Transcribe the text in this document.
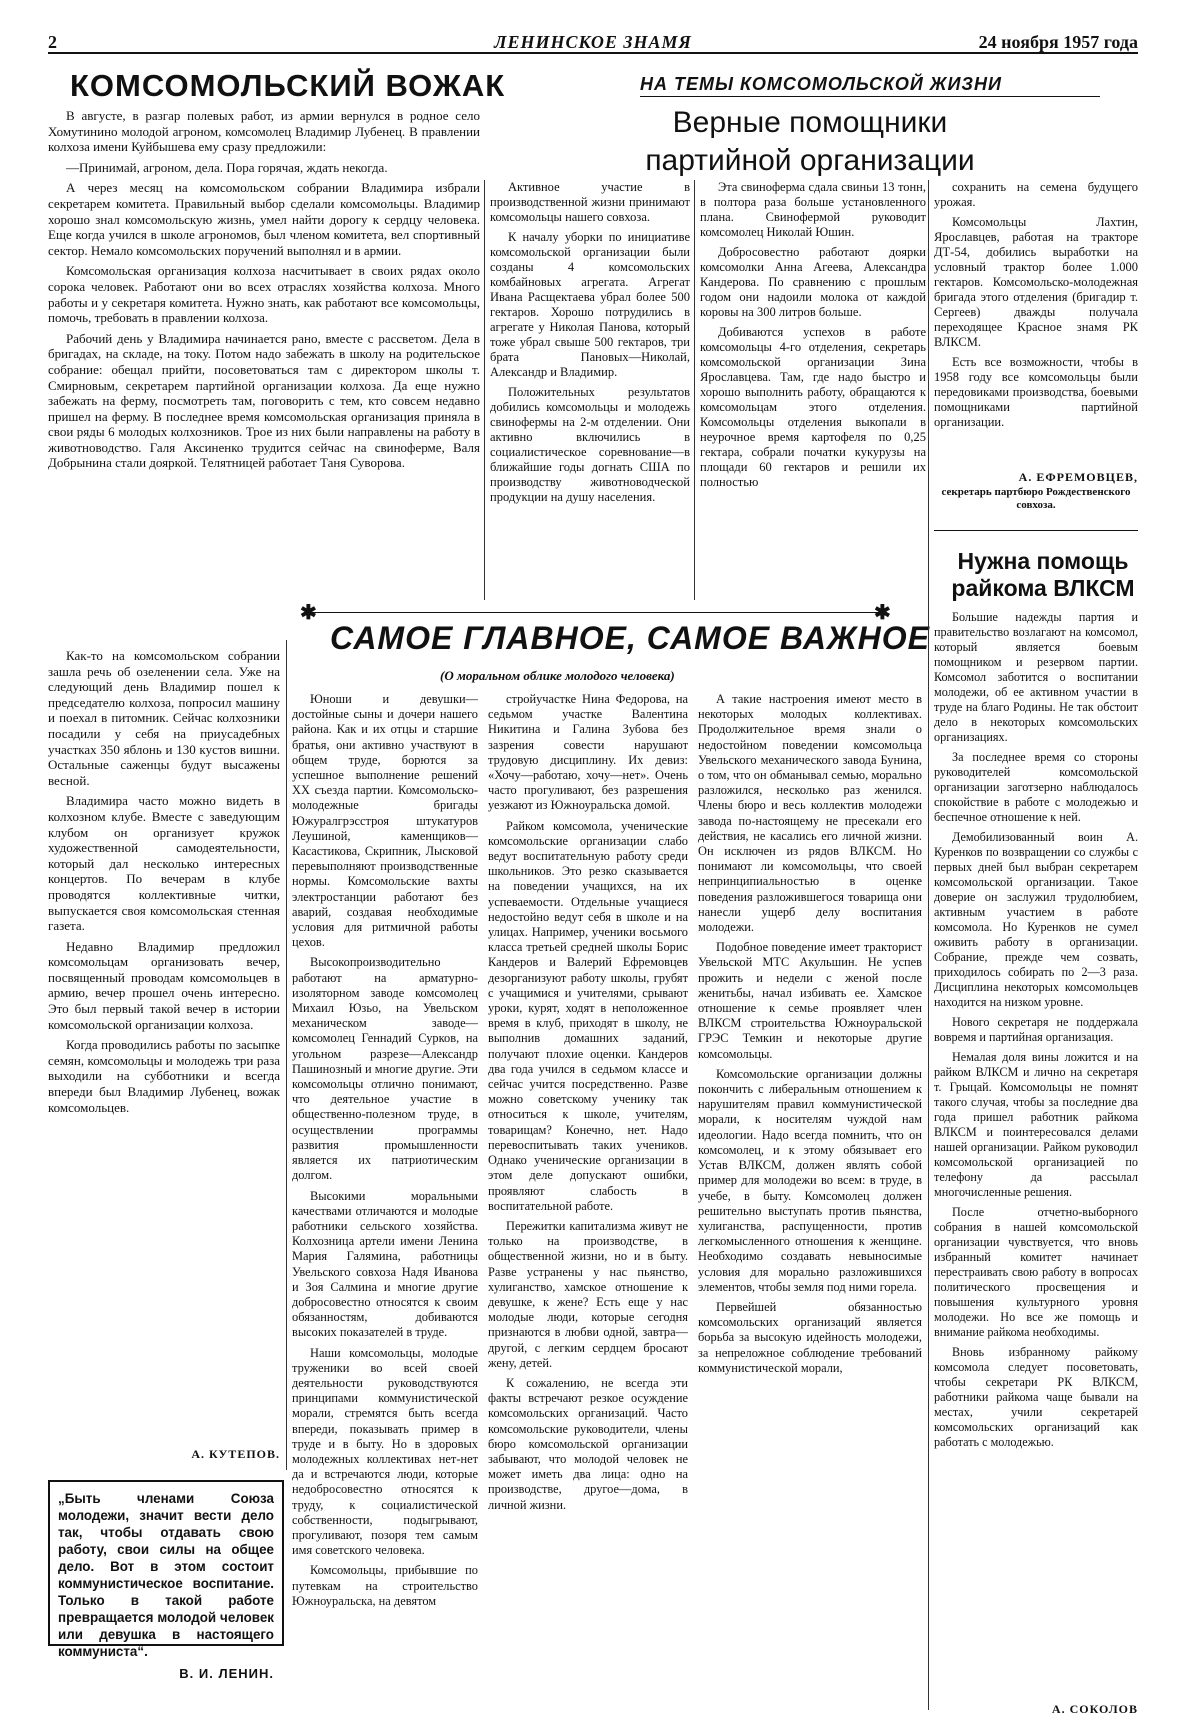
2	ЛЕНИНСКОЕ ЗНАМЯ	24 ноября 1957 года
КОМСОМОЛЬСКИЙ ВОЖАК

В августе, в разгар полевых работ, из армии вернулся в родное село Хомутинино молодой агроном, комсомолец Владимир Лубенец. В правлении колхоза имени Куйбышева ему сразу предложили:

—Принимай, агроном, дела. Пора горячая, ждать некогда.

А через месяц на комсомольском собрании Владимира избрали секретарем комитета. Правильный выбор сделали комсомольцы. Владимир хорошо знал комсомольскую жизнь, умел найти дорогу к сердцу человека. Еще когда учился в школе агрономов, был членом комитета, вел спортивный сектор. Немало комсомольских поручений выполнял и в армии.

Комсомольская организация колхоза насчитывает в своих рядах около сорока человек. Работают они во всех отраслях хозяйства колхоза. Много работы и у секретаря комитета. Нужно знать, как работают все комсомольцы, помочь, требовать в правлении колхоза.

Рабочий день у Владимира начинается рано, вместе с рассветом. Дела в бригадах, на складе, на току. Потом надо забежать в школу на родительское собрание: обещал прийти, посоветоваться там с директором школы т. Смирновым, секретарем партийной организации колхоза. Да еще нужно забежать на ферму, посмотреть там, поговорить с тем, кто совсем недавно пришел на ферму. В последнее время комсомольская организация приняла в свои ряды 6 молодых колхозников. Трое из них были направлены на работу в животноводство. Галя Аксиненко трудится сейчас на свиноферме, Валя Добрынина стали дояркой. Телятницей работает Таня Суворова.

Как-то на комсомольском собрании зашла речь об озеленении села. Уже на следующий день Владимир пошел к председателю колхоза, попросил машину и поехал в питомник. Сейчас колхозники посадили у себя на приусадебных участках 350 яблонь и 130 кустов вишни. Остальные саженцы будут высажены весной.

Владимира часто можно видеть в колхозном клубе. Вместе с заведующим клубом он организует кружок художественной самодеятельности, который дал несколько интересных концертов. По вечерам в клубе проводятся коллективные читки, выпускается своя комсомольская стенная газета.

Недавно Владимир предложил комсомольцам организовать вечер, посвященный проводам комсомольцев в армию, вечер прошел очень интересно. Это был первый такой вечер в истории комсомольской организации колхоза.

Когда проводились работы по засыпке семян, комсомольцы и молодежь три раза выходили на субботники и всегда впереди был Владимир Лубенец, вожак комсомольцев.

А. КУТЕПОВ.

„Быть членами Союза молодежи, значит вести дело так, чтобы отдавать свою работу, свои силы на общее дело. Вот в этом состоит коммунистическое воспитание. Только в такой работе превращается молодой человек или девушка в настоящего коммуниста“.

В. И. ЛЕНИН.
НА ТЕМЫ КОМСОМОЛЬСКОЙ ЖИЗНИ
Верные помощники
партийной организации

Активное участие в производственной жизни принимают комсомольцы нашего совхоза.

К началу уборки по инициативе комсомольской организации были созданы 4 комсомольских комбайновых агрегата. Агрегат Ивана Расщектаева убрал более 500 гектаров. Хорошо потрудились в агрегате у Николая Панова, который тоже убрал свыше 500 гектаров, три брата Пановых—Николай, Александр и Владимир.

Положительных результатов добились комсомольцы и молодежь свинофермы на 2-м отделении. Они активно включились в социалистическое соревнование—в ближайшие годы догнать США по производству животноводческой продукции на душу населения.

Эта свиноферма сдала свиньи 13 тонн, в полтора раза больше установленного плана. Свинофермой руководит комсомолец Николай Юшин.

Добросовестно работают доярки комсомолки Анна Агеева, Александра Кандерова. По сравнению с прошлым годом они надоили молока от каждой коровы на 300 литров больше.

Добиваются успехов в работе комсомольцы 4-го отделения, секретарь комсомольской организации Зина Ярославцева. Там, где надо быстро и хорошо выполнить работу, обращаются к комсомольцам этого отделения. Комсомольцы отделения выкопали в неурочное время картофеля по 0,25 гектара, собрали початки кукурузы на площади 60 гектаров и решили их полностью

сохранить на семена будущего урожая.

Комсомольцы Лахтин, Ярославцев, работая на тракторе ДТ-54, добились выработки на условный трактор более 1.000 гектаров. Комсомольско-молодежная бригада этого отделения (бригадир т. Сергеев) дважды получала переходящее Красное знамя РК ВЛКСМ.

Есть все возможности, чтобы в 1958 году все комсомольцы были передовиками производства, боевыми помощниками партийной организации.

А. ЕФРЕМОВЦЕВ,
секретарь партбюро Рождественского совхоза.
✱	✱
САМОЕ ГЛАВНОЕ, САМОЕ ВАЖНОЕ
(О моральном облике молодого человека)

Юноши и девушки—достойные сыны и дочери нашего района. Как и их отцы и старшие братья, они активно участвуют в общем труде, борются за успешное выполнение решений XX съезда партии. Комсомольско-молодежные бригады Южуралгрэсстроя штукатуров Леушиной, каменщиков—Касастикова, Скрипник, Лысковой перевыполняют производственные нормы. Комсомольские вахты электростанции работают без аварий, создавая необходимые условия для ритмичной работы цехов.

Высокопроизводительно работают на арматурно-изоляторном заводе комсомолец Михаил Юзьо, на Увельском механическом заводе—комсомолец Геннадий Сурков, на угольном разрезе—Александр Пашинозный и многие другие. Эти комсомольцы отлично понимают, что деятельное участие в общественно-полезном труде, в осуществлении программы развития промышленности является их патриотическим долгом.

Высокими моральными качествами отличаются и молодые работники сельского хозяйства. Колхозница артели имени Ленина Мария Галямина, работницы Увельского совхоза Надя Иванова и Зоя Салмина и многие другие добросовестно относятся к своим обязанностям, добиваются высоких показателей в труде.

Наши комсомольцы, молодые труженики во всей своей деятельности руководствуются принципами коммунистической морали, стремятся быть всегда впереди, показывать пример в труде и в быту. Но в здоровых молодежных коллективах нет-нет да и встречаются люди, которые недобросовестно относятся к труду, к социалистической собственности, подыгрывают, прогуливают, позоря тем самым имя советского человека.

Комсомольцы, прибывшие по путевкам на строительство Южноуральска, на девятом

стройучастке Нина Федорова, на седьмом участке Валентина Никитина и Галина Зубова без зазрения совести нарушают трудовую дисциплину. Их девиз: «Хочу—работаю, хочу—нет». Очень часто прогуливают, без разрешения уезжают из Южноуральска домой.

Райком комсомола, ученические комсомольские организации слабо ведут воспитательную работу среди школьников. Это резко сказывается на поведении учащихся, на их успеваемости. Отдельные учащиеся недостойно ведут себя в школе и на улицах. Например, ученики восьмого класса третьей средней школы Борис Кандеров и Валерий Ефремовцев дезорганизуют работу школы, грубят с учащимися и учителями, срывают уроки, курят, ходят в неположенное время в клуб, приходят в школу, не выполнив домашних заданий, получают плохие оценки. Кандеров два года учился в седьмом классе и сейчас учится посредственно. Разве можно советскому ученику так относиться к школе, учителям, товарищам? Конечно, нет. Надо перевоспитывать таких учеников. Однако ученические организации в этом деле допускают ошибки, проявляют слабость в воспитательной работе.

Пережитки капитализма живут не только на производстве, в общественной жизни, но и в быту. Разве устранены у нас пьянство, хулиганство, хамское отношение к девушке, к жене? Есть еще у нас молодые люди, которые сегодня признаются в любви одной, завтра—другой, с легким сердцем бросают жену, детей.

К сожалению, не всегда эти факты встречают резкое осуждение комсомольских организаций. Часто комсомольские руководители, члены бюро комсомольской организации забывают, что молодой человек не может иметь два лица: одно на производстве, другое—дома, в личной жизни.

А такие настроения имеют место в некоторых молодых коллективах. Продолжительное время знали о недостойном поведении комсомольца Увельского механического завода Бунина, о том, что он обманывал семью, морально разложился, несколько раз женился. Члены бюро и весь коллектив молодежи завода по-настоящему не пресекали его действия, не касались его личной жизни. Он исключен из рядов ВЛКСМ. Но понимают ли комсомольцы, что своей непринципиальностью в оценке поведения разложившегося товарища они нанесли ущерб делу воспитания молодежи.

Подобное поведение имеет тракторист Увельской МТС Акульшин. Не успев прожить и недели с женой после женитьбы, начал избивать ее. Хамское отношение к семье проявляет член ВЛКСМ строительства Южноуральской ГРЭС Темкин и некоторые другие комсомольцы.

Комсомольские организации должны покончить с либеральным отношением к нарушителям правил коммунистической морали, к носителям чуждой нам идеологии. Надо всегда помнить, что он комсомолец, и к этому обязывает его Устав ВЛКСМ, должен являть собой пример для молодежи во всем: в труде, в учебе, в быту. Комсомолец должен решительно выступать против пьянства, хулиганства, распущенности, против легкомысленного отношения к женщине. Необходимо создавать невыносимые условия для морально разложившихся элементов, чтобы земля под ними горела.

Первейшей обязанностью комсомольских организаций является борьба за высокую идейность молодежи, за непреложное соблюдение требований коммунистической морали,

Нужна помощь
райкома ВЛКСМ

Большие надежды партия и правительство возлагают на комсомол, который является боевым помощником и резервом партии. Комсомол заботится о воспитании молодежи, об ее активном участии в труде на благо Родины. Не так обстоит дело в некоторых комсомольских организациях.

За последнее время со стороны руководителей комсомольской организации заготзерно наблюдалось спокойствие в работе с молодежью и беспечное отношение к ней.

Демобилизованный воин А. Куренков по возвращении со службы с первых дней был выбран секретарем комсомольской организации. Такое доверие он заслужил трудолюбием, активным участием в работе комсомола. Но Куренков не сумел оживить работу в организации. Собрание, прежде чем созвать, приходилось собирать по 2—3 раза. Дисциплина некоторых комсомольцев находится на низком уровне.

Нового секретаря не поддержала вовремя и партийная организация.

Немалая доля вины ложится и на райком ВЛКСМ и лично на секретаря т. Грыцай. Комсомольцы не помнят такого случая, чтобы за последние два года пришел работник райкома ВЛКСМ и поинтересовался делами нашей организации. Райком руководил комсомольской организацией по телефону да рассылал многочисленные решения.

После отчетно-выборного собрания в нашей комсомольской организации чувствуется, что вновь избранный комитет начинает перестраивать свою работу в вопросах политического просвещения и повышения культурного уровня молодежи. Но все же помощь и внимание райкома необходимы.

Вновь избранному райкому комсомола следует посоветовать, чтобы секретари РК ВЛКСМ, работники райкома чаще бывали на местах, учили секретарей комсомольских организаций как работать с молодежью.

А. СОКОЛОВ
